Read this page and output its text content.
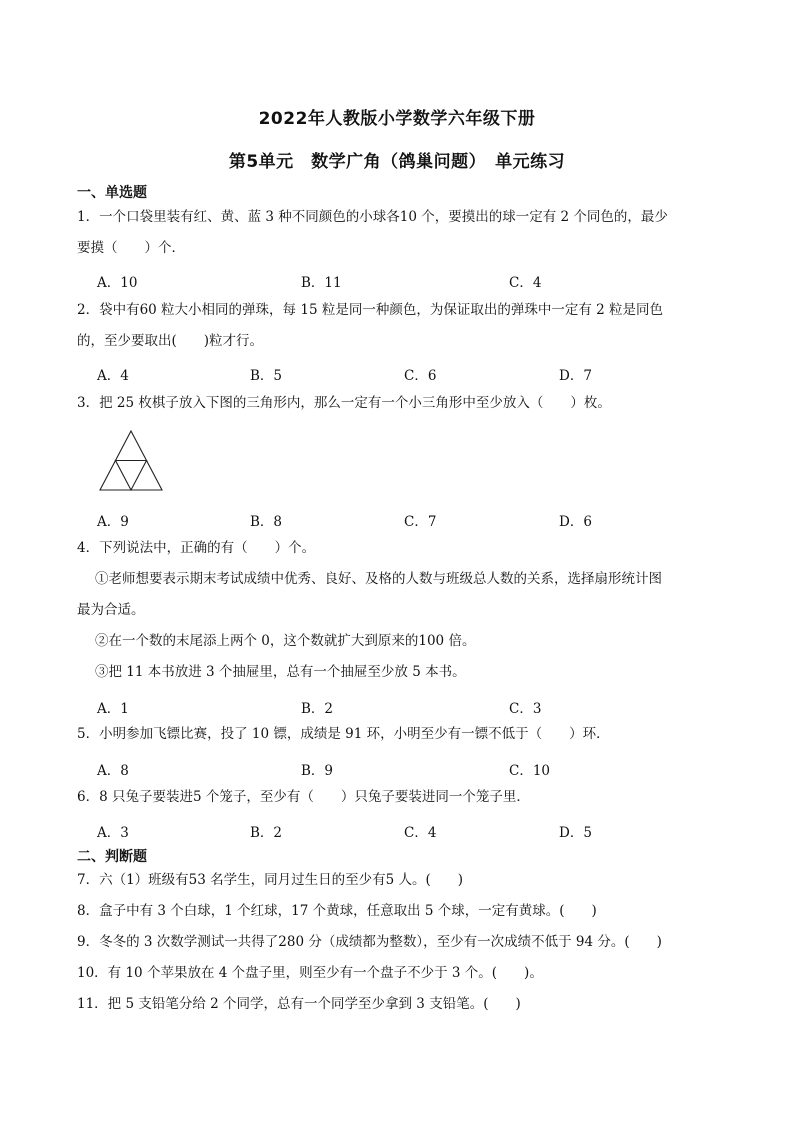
2022年人教版小学数学六年级下册
第5单元　数学广角（鸽巢问题）　单元练习
一、单选题
1．一个口袋里装有红、黄、蓝 3 种不同颜色的小球各10 个，要摸出的球一定有 2 个同色的，最少
要摸（　　）个．
A．10	B．11	C．4
2．袋中有60 粒大小相同的弹珠，每 15 粒是同一种颜色，为保证取出的弹珠中一定有 2 粒是同色
的，至少要取出(　　)粒才行。
A．4	B．5	C．6	D．7
3．把 25 枚棋子放入下图的三角形内，那么一定有一个小三角形中至少放入（　　）枚。
A．9	B．8	C．7	D．6
4．下列说法中，正确的有（　　）个。
①老师想要表示期末考试成绩中优秀、良好、及格的人数与班级总人数的关系，选择扇形统计图
最为合适。
②在一个数的末尾添上两个 0，这个数就扩大到原来的100 倍。
③把 11 本书放进 3 个抽屉里，总有一个抽屉至少放 5 本书。
A．1	B．2	C．3
5．小明参加飞镖比赛，投了 10 镖，成绩是 91 环，小明至少有一镖不低于（　　）环．
A．8	B．9	C．10
6．8 只兔子要装进5 个笼子，至少有（　　）只兔子要装进同一个笼子里．
A．3	B．2	C．4	D．5
二、判断题
7．六（1）班级有53 名学生，同月过生日的至少有5 人。(　　)
8．盒子中有 3 个白球，1 个红球，17 个黄球，任意取出 5 个球，一定有黄球。(　　)
9．冬冬的 3 次数学测试一共得了280 分（成绩都为整数），至少有一次成绩不低于 94 分。(　　)
10．有 10 个苹果放在 4 个盘子里，则至少有一个盘子不少于 3 个。(　　)。
11．把 5 支铅笔分给 2 个同学，总有一个同学至少拿到 3 支铅笔。(　　)
